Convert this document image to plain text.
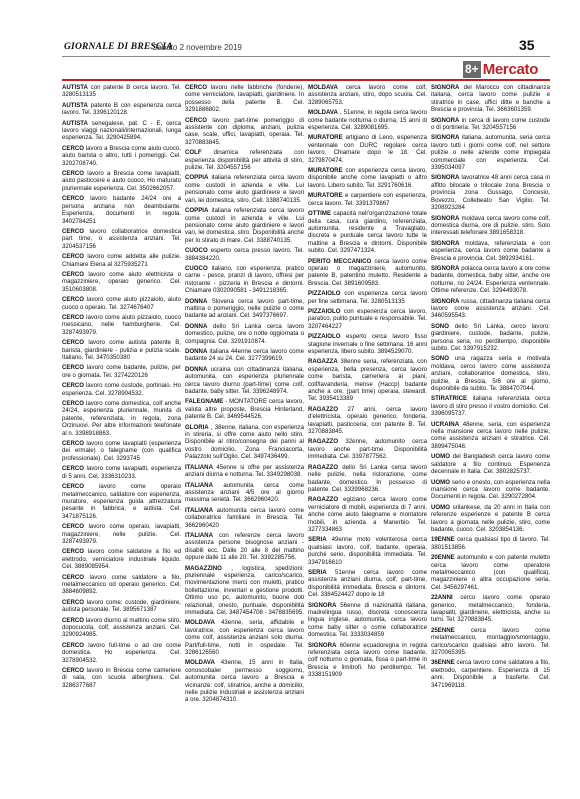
GIORNALE DI BRESCIA
Sabato 2 novembre 2019	35
8+ Mercato

AUTISTA con patente B cerca lavoro. Tel. 3280513135

AUTISTA patente B con esperienza cerca lavoro. Tel. 3396120128.

AUTISTA senegalese, pat. C - E, cerca lavoro viaggi nazionali/internazionali, lunga esperienza. Tel. 3290425894.

CERCO lavoro a Brescia come aiuto cuoco, aiuto barista o altro, tutti i pomeriggi. Cel. 3202708740.

CERCO lavoro a Brescia come lavapiatti, aiuto pasticcere e aiuto cuoco. Ho maturato pluriennale esperienza. Cel. 3502662057.

CERCO lavoro badante 24/24 ore a persona anziana non deambulante. Esperienza, documenti in regola. 3402784251

CERCO lavoro collaboratrice domestica part time, o assistenza anziani. Tel. 3204537156

CERCO lavoro come addetta alle pulizie. Chiamare Elena al 3275935271

CERCO lavoro come aiuto elettricista o magazziniere, operaio generico. Cel. 3510603808.

CERCO lavoro come aiuto pizzaiolo, aiuto cuoco o operaio. Tel. 3274676407

CERCO lavoro come aiuto pizzaiolo, cuoco messicano, nelle hamburgherie. Cel. 3287493979.

CERCO lavoro come autista patente B, barista, giardiniere - pulizia e pulizia scale. Italiano. Tel. 3470350380

CERCO lavoro come badante, pulizie, per ore o giornata. Tel. 3274220126

CERCO lavoro come custode, portinaio. Ho esperienza. Cel. 3278904532.

CERCO lavoro come domestica, colf anche 24/24, esperienza pluriennale, munita di patente, referenziata, in regola, zona Orzinuovi. Per altre informazioni telefonate al n. 3398918863.

CERCO lavoro come lavapiatti (esperienza dei ermale) o falegname (con qualifica professionale). Cel. 3293745

CERCO lavoro come lavapiatti, esperienza di 5 anni. Cel. 3336310233.

CERCO lavoro come operaio metalmeccanico, saldatore con esperienza, muratore, esperienza guida attrezzatura pesante in fabbrica, e autista. Cel. 3471875126.

CERCO lavoro come operaio, lavapiatti, magazziniere, nelle pulizie. Cel. 3287493979.

CERCO lavoro come saldatore a filo ed elettrodo, verniciatore industriale liquido. Cel. 3889085954.

CERCO lavoro come saldatore a filo, metalmeccanico od operaio generico. Cel. 3884609892.

CERCO lavoro come: custode, giardiniere, autista personale. Tel. 3895671387

CERCO lavoro diurno al mattino come stiro, dopocucola, colf, assistenza anziani. Cel. 3290924985.

CERCO lavoro full-time o ad ore come domestica. Ho esperienza. Cel. 3278904532.

CERCO lavoro in Brescia come cameriere di sala, con scuola alberghiera. Cel. 3286377687

CERCO lavoro nelle fabbriche (fonderie), come verniciatore, lavapiatti, giardiniere. In possesso della patente B. Cel. 3291886802.

CERCO lavoro part-time pomeriggio di assistente con diploma, anziani, pulizia case, scale, uffici, lavapiatti, operaia. Tel. 3270883845.

COLF dinamica referenziata con esperienza disponibilità per attività di stiro, pulizie. Tel. 3204557156

COPPIA italiana referenziata cerca lavoro come custodi in azienda e ville. Lui pensionato come aiuto giardiniere e lavori vari, lei domestica, stiro. Cell. 3388740135.

COPPIA italiana referenziata cerca lavoro come custodi in azienda e ville. Lui pensionato come aiuto giardiniere e lavori vari, lei domestica, stiro. Disponibilità anche per lo stirato di mare. Cel. 3388740135.

CUOCO esperto cerca presso lavoro. Tel. 3884384220.

CUOCO italiano, con esperienza, pratico carne - pesce, pranzi di lavoro, offresi per ristorante - pizzeria in Brescia e dintorni. Chiamare 0302090581 - 3491218365.

DONNA Slovena cerca lavoro part-time, mattina o pomeriggio, nelle pulizie o come badante ad anziani. Cel. 3497376697.

DONNA dello Sri Lanka cerca lavoro domestico, pulizie, ore o notte oggiornata o compagnia. Cel. 3291910874.

DONNA italiana 44enne cerca lavoro come badante 24 su 24. Cel. 3277399619.

DONNA ucraina con cittadinanza italiana, automunita, con esperienza pluriennale cerca lavoro diurno (part-time) come colf, badante, baby sitter. Tel. 3396248974.

FALEGNAME - MONTATORE cerca lavoro, valuta altre proposte, Brescia Hinterland, patente B. Cel. 3469544526.

GLORIA , 38enne, italiana, con esperienza in stireria, si offre come aiuto nello stiro. Disponibile al ritiro/consegna dei panni al vostro domicilio. Zona Franciacorta, Palazzolo sull'Oglio. Cel. 3497436499.

ITALIANA 45enne si offre per assistenza anziani diurna e notturna. Tel. 3349298038.

ITALIANA automunita cerca come assistenza anziani 4/5 ore al giorno massima serietà. Tel. 3662960420.

ITALIANA automunita cerca lavoro come collaboratrice familiare in Brescia. Tel. 3662960420

ITALIANA con referenze cerca lavoro assistenza persone bisognose anziani - disabili ecc. Dalle 20 alle 8 del mattino oppure dalle 11 alle 20. Tel. 3392285756.

MAGAZZINO , logistica, spedizioni: pluriennale esperienza, carico/scarico, movimentazione merci con muletti, pratico bollettazione, inventari e gestione prodotti. Ottimo uso pc, automunito, buone doti relazionali, onesto, puntuale, disponibilità immediata. Cel. 3487454708 - 3478835695.

MOLDAVA 43enne, seria, affidabile e lavoratrice, con esperienza cerca lavoro come colf, assistenza anziani solo diurna. Part/full-time, notti in ospedale. Tel. 3286126560

MOLDAVA 43enne, 15 anni in Italia, conoscobaler permesso soggiorno, automunita cerca lavoro a Brescia e vicinanze: colf, stiratrice, anche a domicilio, nelle pulizie industriali e assistenza anziani a ore. 3204874310.

MOLDAVA cerca lavoro come colf, assistenza anziani, stiro, dopo scuola. Cel. 3289065753.

MOLDAVA , 51enne, in regola cerca lavoro come badante notturna o diurna, 15 anni di esperienza. Cel. 3289081695.

MURATORE artigiano di Leno, esperienza ventennale con DURC regolare cerca lavoro. Chiamare dopo le 18. Cel. 3279870474.

MURATORE con esperienza cerca lavoro, disponibile anche come lavapiatti o altro lavoro. Libero subito. Tel. 3291760616.

MURATORE e carpentiere con esperienza, cerca lavoro. Tel. 3391379867

OTTIME capacità nell'organizzazione totale della casa, cura giardino, referenziata, automunita, residente a Travagliato, discreta e puntuale cerca lavoro tutte le mattine a Brescia e dintorni. Disponibile subito. Cel. 3297471324.

PERITO MECCANICO cerca lavoro come operaio o magazziniere, automunito, patente B, patentino muletto. Residente a Brescia. Cel. 3891609583.

PIZZAIOLO con esperienza cerca lavoro per fine settimana. Tel. 3280513135

PIZZAIOLO con esperienza cerca lavoro, paratico, pulito puntuale e responsabile. Tel. 3207464227

PIZZAIOLO esperto cerca lavoro fisso stagione invernale o fine settimana, 16 anni esperienza, libero subito. 3894529070.

RAGAZZA 38enne seria, referenziata, con esperienza, bella presenza, cerca lavoro come barista, cameriera ai piani, colf/lavanderia, mense (Haccp) badante anche a ore, (part time) operaia, stewardl. Tel. 3935413389

RAGAZZO 27 anni, cerca lavoro d'elettricista, operaio generico, fonderia, lavapiatti, pasticceria, con patente B. Tel. 3270883845.

RAGAZZO 32enne, automunito cerca lavoro anche part-time. Disponibilità immediata. Cel. 3397877562.

RAGAZZO dello Sri Lanka cerca lavoro nelle pulizie, nella ristorazione, come badante, domestico. In possesso di patente. Cel. 3339968236.

RAGAZZO egiziano cerca lavoro come verniciatore di mobili, esperienza di 7 anni, anche come aiuto falegname e montatore mobili, in azienda a Manerbio. Tel. 3277334863

SERIA 49enne moto volenterosa cerca qualsiasi lavoro, colf, badante, operaia, purché serio, disponibilità immediata. Tel. 3347916610

SERIA 51enne cerca lavoro come assistenza anziani diurna, colf, part-time, disponibilità immediata, Brescia e dintorni. Cel. 3384524427 dopo le 18

SIGNORA 56enne di nazionalità italiana, madrelingua russo, discreta conoscenza lingua inglese, automunita, cerca lavoro come baby sitter o come collaboratrice domestica. Tel. 3333034859

SIGNORA 60enne ecuadoregna in regola referenziata cerca lavoro come badante, colf notturno o giornata, fissa o part-time in Brescia e limitrofi. No perditempo. Tel. 3338151909

SIGNORA del Marocco con cittadinanza italiana, cerca lavoro come pulizie e stiratrice in case, uffici ditte e banche a Brescia e provincia. Tel. 3663601359.

SIGNORA in cerca di lavoro come custode o di portineria. Tel. 3204557156

SIGNORA italiana, automunita, seria cerca lavoro tutti i giorni come colf, nel settore pulizie o nelle aziende come impiegata commerciale con esperienza. Cel. 3395034097

SIGNORA lavoratrice 48 anni cerca casa in affitto bilocale o trilocale zona Brescia o provincia zona Gussago, Concesio, Bovezzo, Collebeato San Vigilio. Tel. 3208923284

SIGNORA moldava cerca lavoro come colf, domestica diurna, ore di pulizie, stiro. Solo interessati telefonare 3891658318.

SIGNORA moldava, referenziata e con esperienza, cerca lavoro come badante a Brescia e provincia. Cel. 3892934161.

SIGNORA polacca cerca lavoro a ore come badante, domestica, baby sitter, anche ore notturne, no 24/24. Esperienza ventennale. Ottime referenze. Cel. 3294493078.

SIGNORA russa, cittadinanza italiana cerca lavoro come assistenza anziani. Cel. 3460595543.

SONO dello Sri Lanka, cerco lavoro: giardiniere, custode, badante, pulizie, persona seria, no perditempo, disponibile subito. Cel. 3397915232.

SONO una ragazza seria e motivata moldava, cerco lavoro come assistenza anziani, collaboratrice domestica, stiro, pulizie, a Brescia, 5/6 ore al giorno, disponibile da subito. Te. 3884707044.

STIRATRICE italiana referenziata cerca lavoro di stiro presso il vostro domicilio. Cel. 3396095737.

UCRAINA 48enne, seria, con esperienza nella mansione cerca lavoro nelle pulizie, come assistenza anziani e stiratrice. Cel. 3899475048.

UOMO del Bangladesh cerca lavoro come saldatore a filo continuo. Esperienza decennale in Italia. Cel. 3802825737.

UOMO serio e onesto, con esperienza nella mansione cerca lavoro come badante. Documenti in regola. Cel. 3290272804.

UOMO srilankese, da 20 anni in Italia con referenze esperienze e patente B cerca lavoro a giornata nelle pulizie, stiro, come badante, cuoco. Cel. 3203854136.

19ENNE cerca qualsiasi tipo di lavoro. Tel. 3801513856.

20ENNE automunito e con patente muletto cerca lavoro come operatore metalmeccanico (con qualifica), magazziniere o altra occupazione seria. Cel. 3456297461.

22ANNI cerco lavoro come operaio generico, metalmeccanico, fonderia, lavapiatti, giardiniere, elettricista, anche su turni. Tel. 3270883845.

25ENNE	cerca lavoro come metalmeccanico, montaggio/smontaggio, carico/scarico qualsiasi altro lavoro. Tel. 3270065395.

36ENNE cerca lavoro come saldatore a filo, elettrodo, carpentiere. Esperienza di 15 anni. Disponibile a trasferte. Cel. 3471969118.
